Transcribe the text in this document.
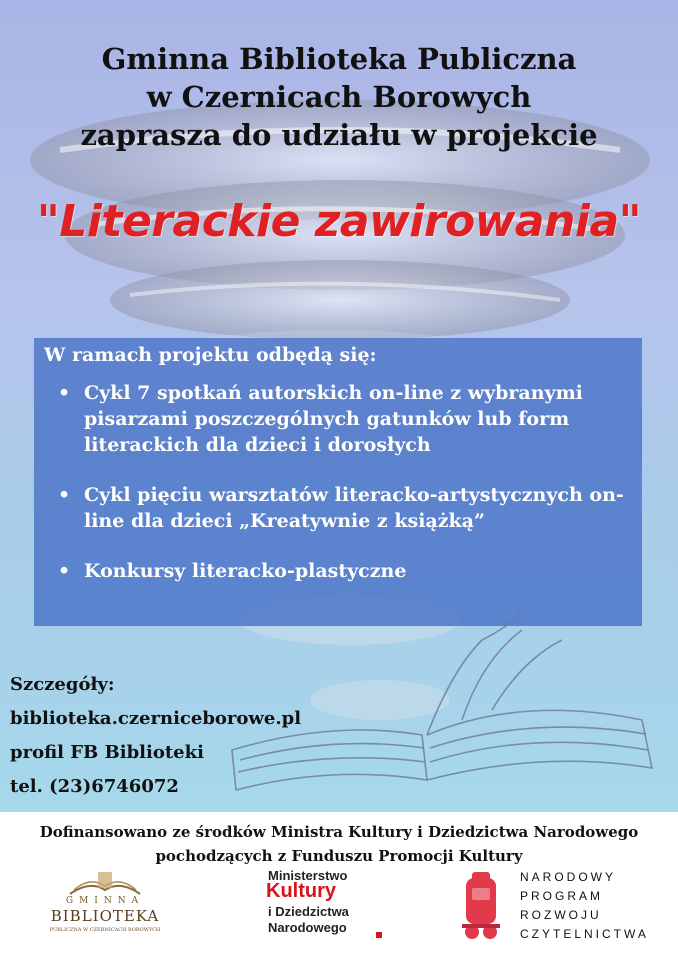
Gminna Biblioteka Publiczna
w Czernicach Borowych
zaprasza do udziału w projekcie
"Literackie zawirowania"
W ramach projektu odbędą się:
• Cykl 7 spotkań autorskich on-line z wybranymi pisarzami poszczególnych gatunków lub form literackich dla dzieci i dorosłych
• Cykl pięciu warsztatów literacko-artystycznych on-line dla dzieci „Kreatywnie z książką”
• Konkursy literacko-plastyczne
Szczegóły:
biblioteka.czerniceborowe.pl
profil FB Biblioteki
tel. (23)6746072
Dofinansowano ze środków Ministra Kultury i Dziedzictwa Narodowego
pochodzących z Funduszu Promocji Kultury
GMINNA
BIBLIOTEKA
PUBLICZNA W CZERNICACH BOROWYCH
Ministerstwo
Kultury
i Dziedzictwa
Narodowego
NARODOWY
PROGRAM
ROZWOJU
CZYTELNICTWA
